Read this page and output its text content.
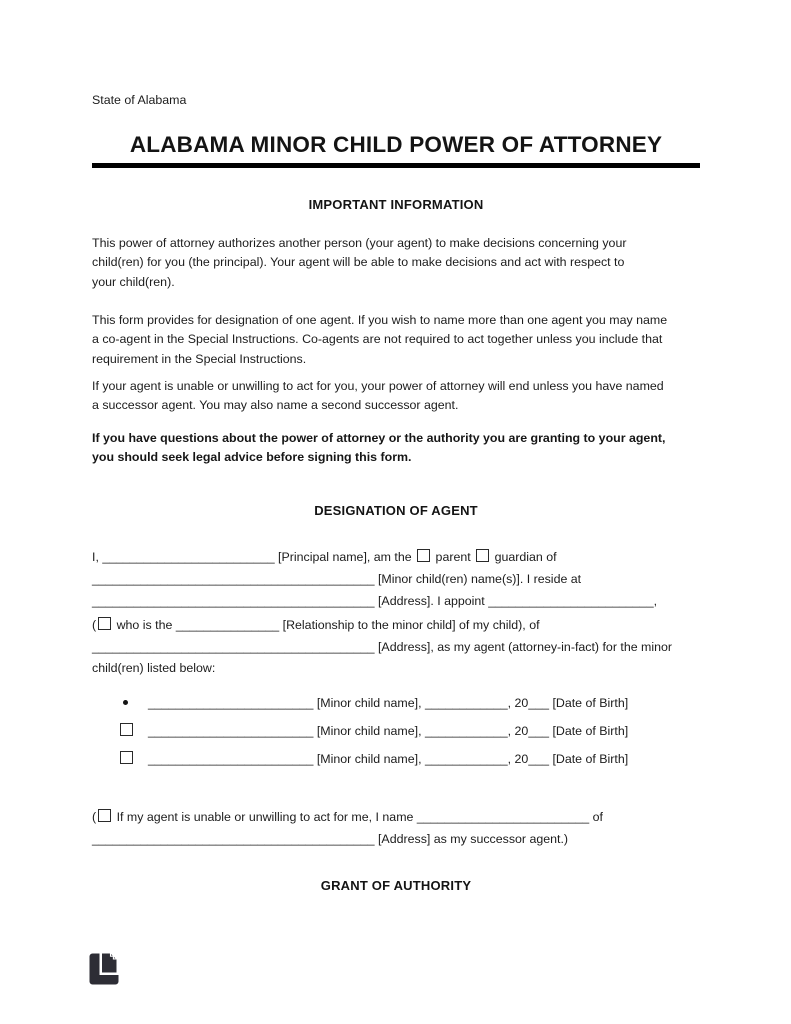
State of Alabama
ALABAMA MINOR CHILD POWER OF ATTORNEY
IMPORTANT INFORMATION
This power of attorney authorizes another person (your agent) to make decisions concerning your
child(ren) for you (the principal). Your agent will be able to make decisions and act with respect to
your child(ren).
This form provides for designation of one agent. If you wish to name more than one agent you may name
a co-agent in the Special Instructions. Co-agents are not required to act together unless you include that
requirement in the Special Instructions.
If your agent is unable or unwilling to act for you, your power of attorney will end unless you have named
a successor agent. You may also name a second successor agent.
If you have questions about the power of attorney or the authority you are granting to your agent,
you should seek legal advice before signing this form.
DESIGNATION OF AGENT
I, _________________________ [Principal name], am the  parent  guardian of
_________________________________________ [Minor child(ren) name(s)]. I reside at
_________________________________________ [Address]. I appoint ________________________,
( who is the _______________ [Relationship to the minor child] of my child), of
_________________________________________ [Address], as my agent (attorney-in-fact) for the minor
child(ren) listed below:
________________________ [Minor child name], ____________, 20___ [Date of Birth]
________________________ [Minor child name], ____________, 20___ [Date of Birth]
________________________ [Minor child name], ____________, 20___ [Date of Birth]
( If my agent is unable or unwilling to act for me, I name _________________________ of
_________________________________________ [Address] as my successor agent.)
GRANT OF AUTHORITY
